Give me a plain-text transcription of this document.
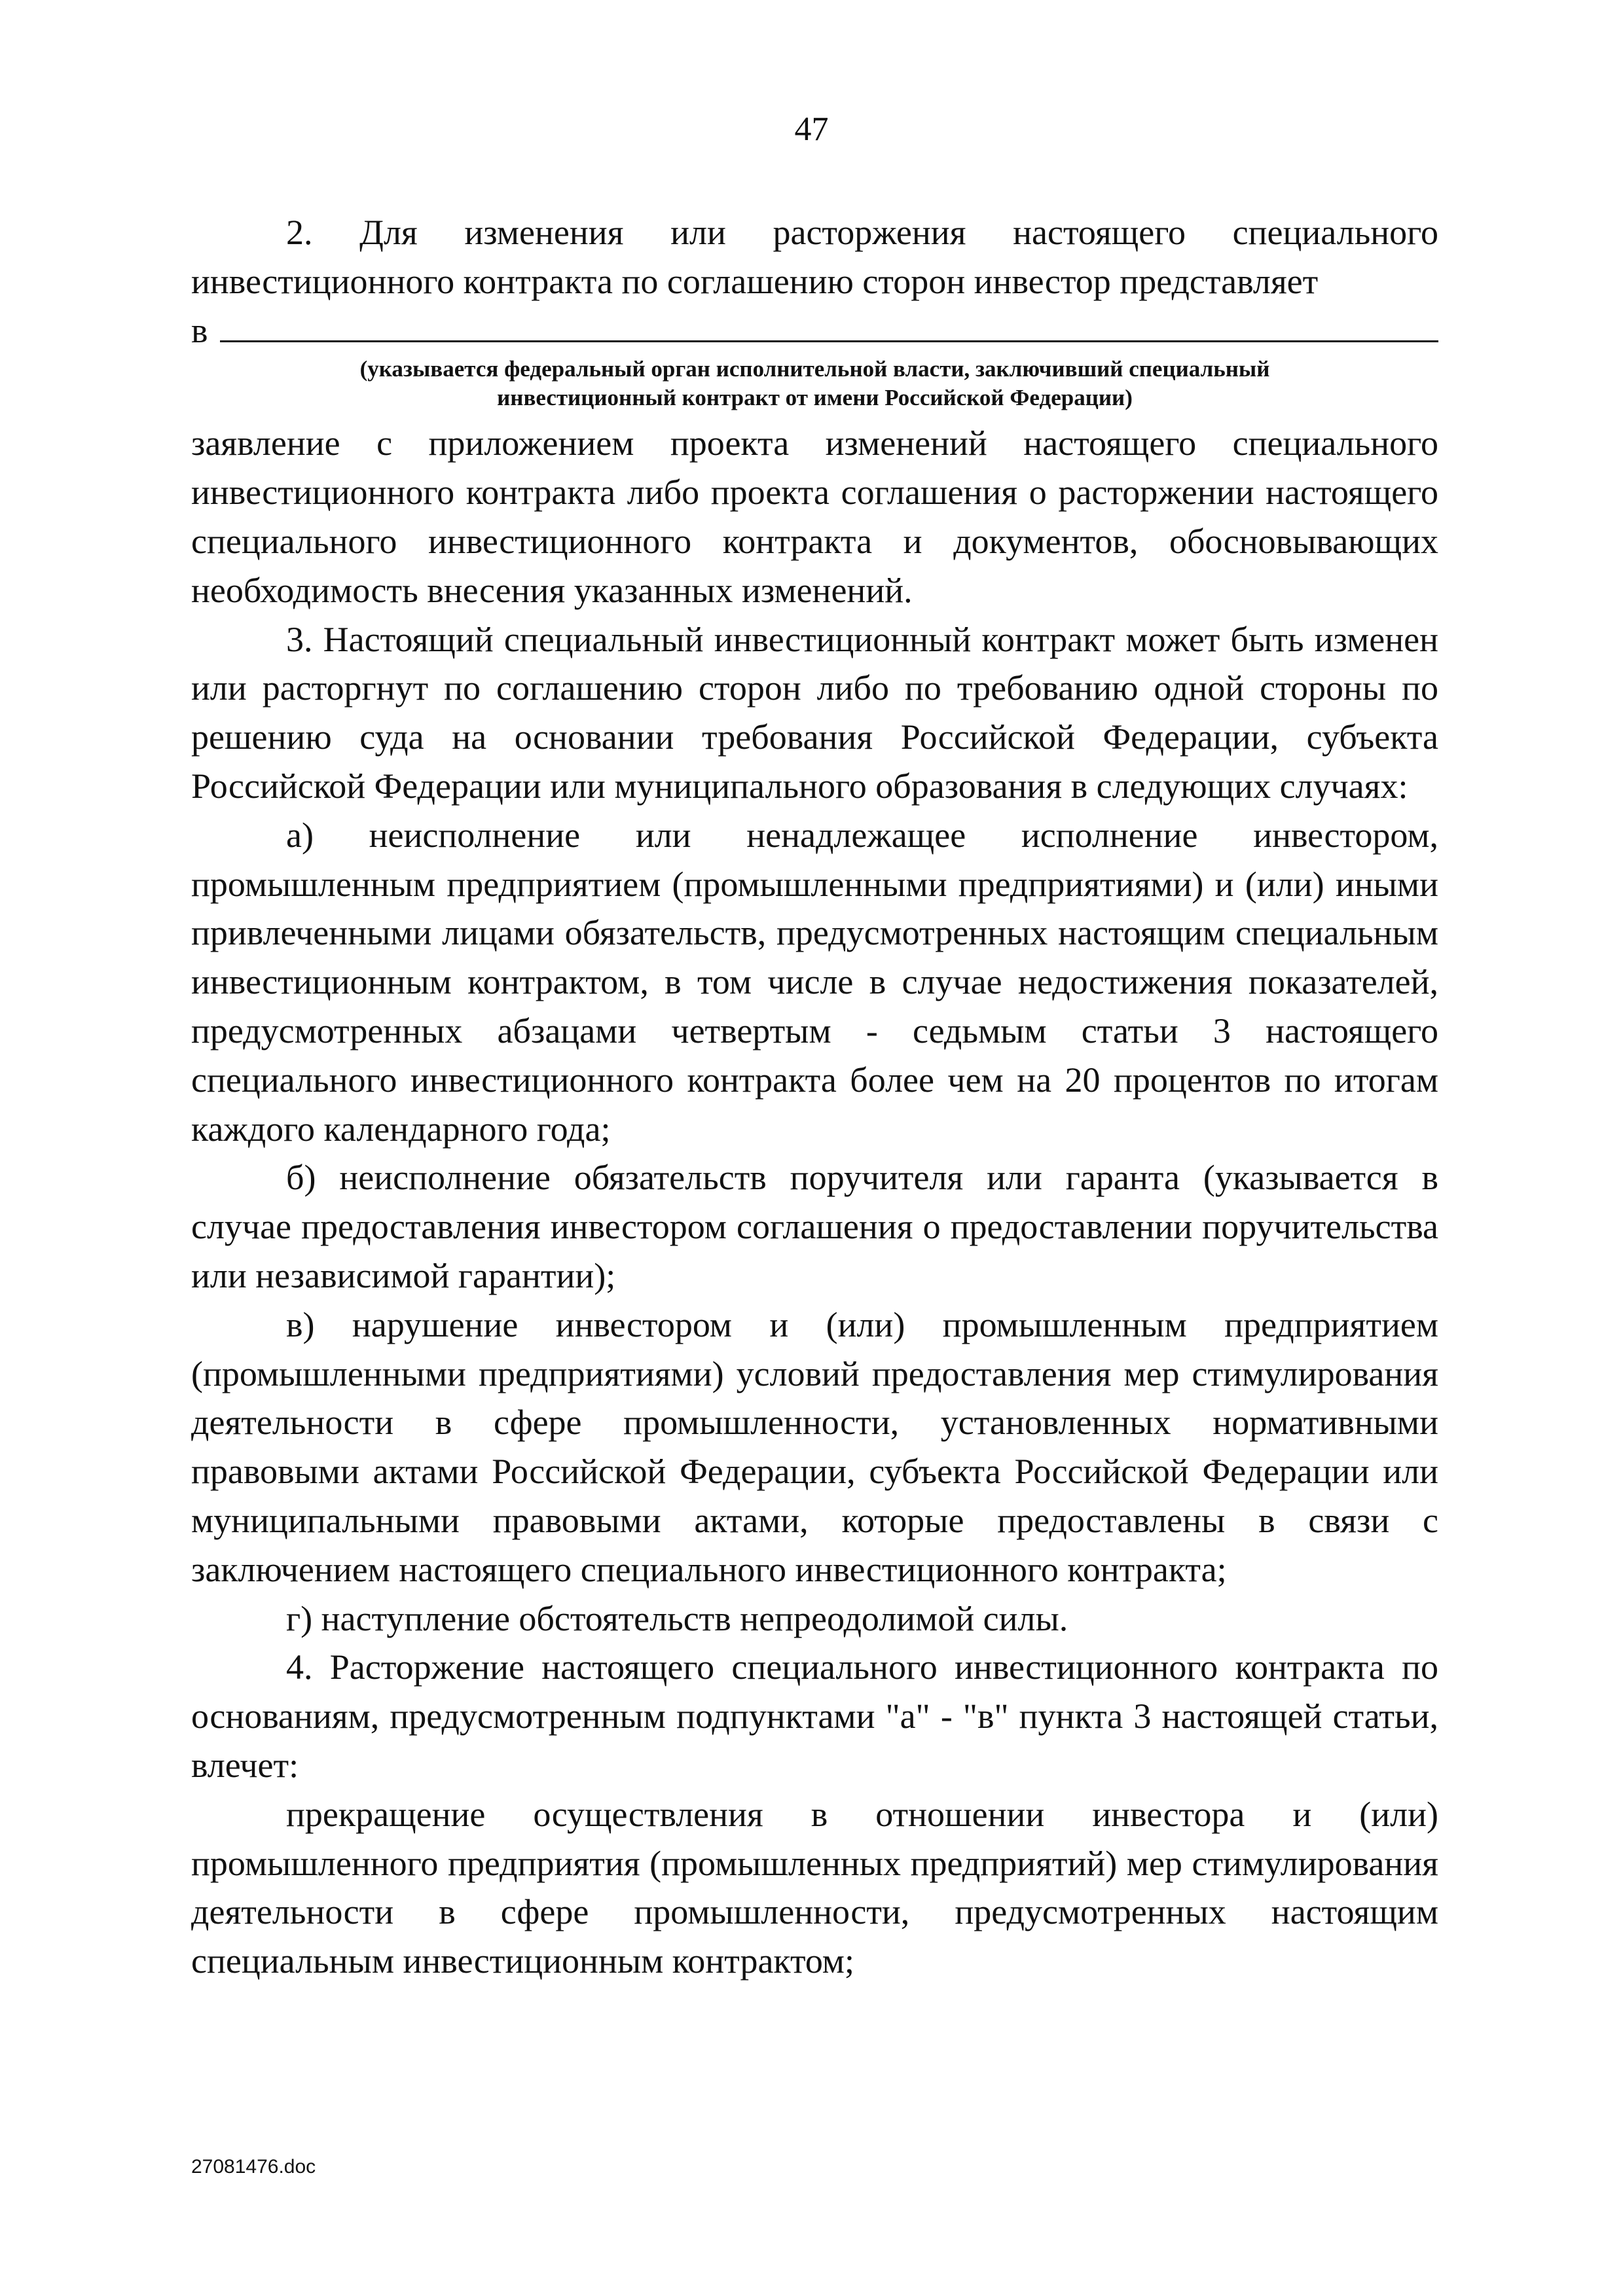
47

2. Для изменения или расторжения настоящего специального инвестиционного контракта по соглашению сторон инвестор представляет

в

(указывается федеральный орган исполнительной власти, заключивший специальный инвестиционный контракт от имени Российской Федерации)

заявление с приложением проекта изменений настоящего специального инвестиционного контракта либо проекта соглашения о расторжении настоящего специального инвестиционного контракта и документов, обосновывающих необходимость внесения указанных изменений.

3. Настоящий специальный инвестиционный контракт может быть изменен или расторгнут по соглашению сторон либо по требованию одной стороны по решению суда на основании требования Российской Федерации, субъекта Российской Федерации или муниципального образования в следующих случаях:

а) неисполнение или ненадлежащее исполнение инвестором, промышленным предприятием (промышленными предприятиями) и (или) иными привлеченными лицами обязательств, предусмотренных настоящим специальным инвестиционным контрактом, в том числе в случае недостижения показателей, предусмотренных абзацами четвертым - седьмым статьи 3 настоящего специального инвестиционного контракта более чем на 20 процентов по итогам каждого календарного года;

б) неисполнение обязательств поручителя или гаранта (указывается в случае предоставления инвестором соглашения о предоставлении поручительства или независимой гарантии);

в) нарушение инвестором и (или) промышленным предприятием (промышленными предприятиями) условий предоставления мер стимулирования деятельности в сфере промышленности, установленных нормативными правовыми актами Российской Федерации, субъекта Российской Федерации или муниципальными правовыми актами, которые предоставлены в связи с заключением настоящего специального инвестиционного контракта;

г) наступление обстоятельств непреодолимой силы.

4. Расторжение настоящего специального инвестиционного контракта по основаниям, предусмотренным подпунктами "а" - "в" пункта 3 настоящей статьи, влечет:

прекращение осуществления в отношении инвестора и (или) промышленного предприятия (промышленных предприятий) мер стимулирования деятельности в сфере промышленности, предусмотренных настоящим специальным инвестиционным контрактом;

27081476.doc
